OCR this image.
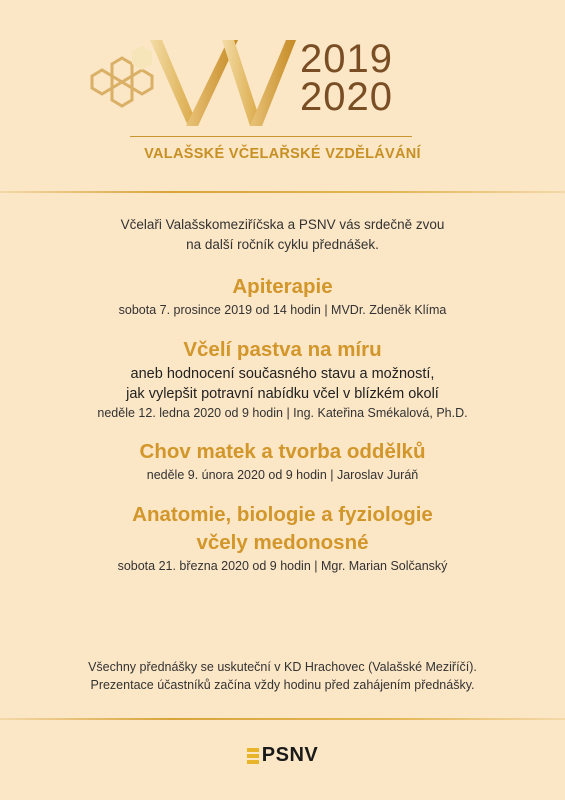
2019
2020
VALAŠSKÉ VČELAŘSKÉ VZDĚLÁVÁNÍ
Včelaři Valašskomeziříčska a PSNV vás srdečně zvou
na další ročník cyklu přednášek.
Apiterapie
sobota 7. prosince 2019 od 14 hodin | MVDr. Zdeněk Klíma
Včelí pastva na míru
aneb hodnocení současného stavu a možností,
jak vylepšit potravní nabídku včel v blízkém okolí
neděle 12. ledna 2020 od 9 hodin | Ing. Kateřina Smékalová, Ph.D.
Chov matek a tvorba oddělků
neděle 9. února 2020 od 9 hodin | Jaroslav Juráň
Anatomie, biologie a fyziologie
včely medonosné
sobota 21. března 2020 od 9 hodin | Mgr. Marian Solčanský
Všechny přednášky se uskuteční v KD Hrachovec (Valašské Meziříčí).
Prezentace účastníků začína vždy hodinu před zahájením přednášky.
PSNV
